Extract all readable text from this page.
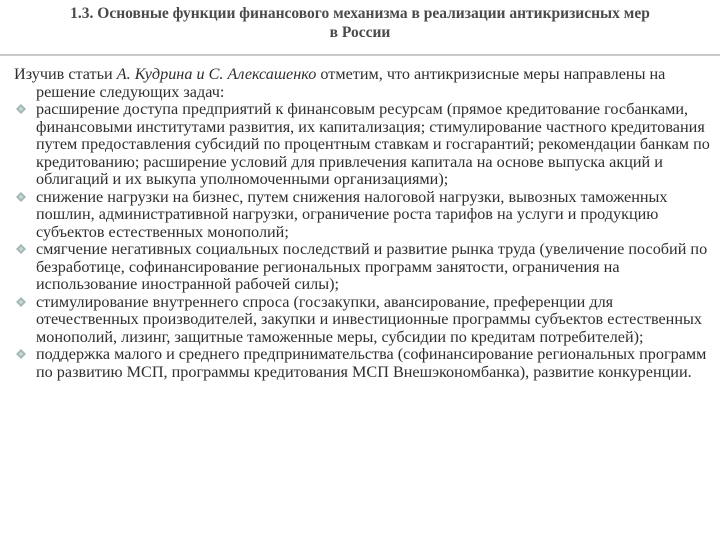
1.3. Основные функции финансового механизма в реализации антикризисных мер
в России

Изучив статьи А. Кудрина и С. Алексашенко отметим, что антикризисные меры направлены на решение следующих задач:

расширение доступа предприятий к финансовым ресурсам (прямое кредитование госбанками, финансовыми институтами развития, их капитализация; стимулирование частного кредитования путем предоставления субсидий по процентным ставкам и госгарантий; рекомендации банкам по кредитованию; расширение условий для привлечения капитала на основе выпуска акций и облигаций и их выкупа уполномоченными организациями);
снижение нагрузки на бизнес, путем снижения налоговой нагрузки, вывозных таможенных пошлин, административной нагрузки, ограничение роста тарифов на услуги и продукцию субъектов естественных монополий;
смягчение негативных социальных последствий и развитие рынка труда (увеличение пособий по безработице, софинансирование региональных программ занятости, ограничения на использование иностранной рабочей силы);
стимулирование внутреннего спроса (госзакупки, авансирование, преференции для отечественных производителей, закупки и инвестиционные программы субъектов естественных монополий, лизинг, защитные таможенные меры, субсидии по кредитам потребителей);
поддержка малого и среднего предпринимательства (софинансирование региональных программ по развитию МСП, программы кредитования МСП Внешэкономбанка), развитие конкуренции.
